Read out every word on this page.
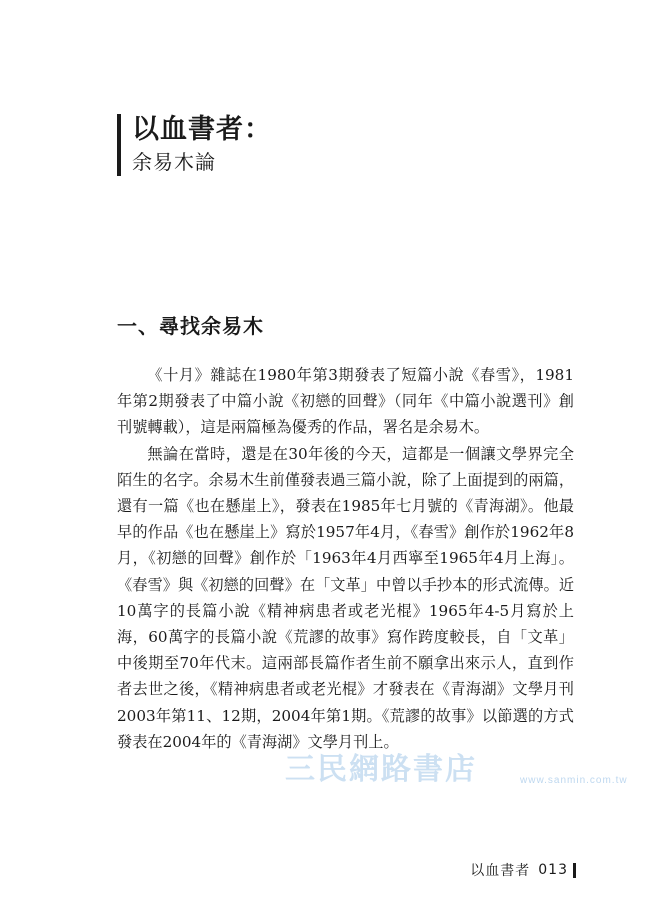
以血書者：
余易木論
一、尋找余易木

《十月》雜誌在1980年第3期發表了短篇小說《春雪》，1981年第2期發表了中篇小說《初戀的回聲》（同年《中篇小說選刊》創刊號轉載），這是兩篇極為優秀的作品，署名是余易木。

無論在當時，還是在30年後的今天，這都是一個讓文學界完全陌生的名字。余易木生前僅發表過三篇小說，除了上面提到的兩篇，還有一篇《也在懸崖上》，發表在1985年七月號的《青海湖》。他最早的作品《也在懸崖上》寫於1957年4月，《春雪》創作於1962年8月，《初戀的回聲》創作於「1963年4月西寧至1965年4月上海」。《春雪》與《初戀的回聲》在「文革」中曾以手抄本的形式流傳。近10萬字的長篇小說《精神病患者或老光棍》1965年4-5月寫於上海，60萬字的長篇小說《荒謬的故事》寫作跨度較長，自「文革」中後期至70年代末。這兩部長篇作者生前不願拿出來示人，直到作者去世之後，《精神病患者或老光棍》才發表在《青海湖》文學月刊2003年第11、12期，2004年第1期。《荒謬的故事》以節選的方式發表在2004年的《青海湖》文學月刊上。

三民網路書店	www.sanmin.com.tw
以血書者 013
